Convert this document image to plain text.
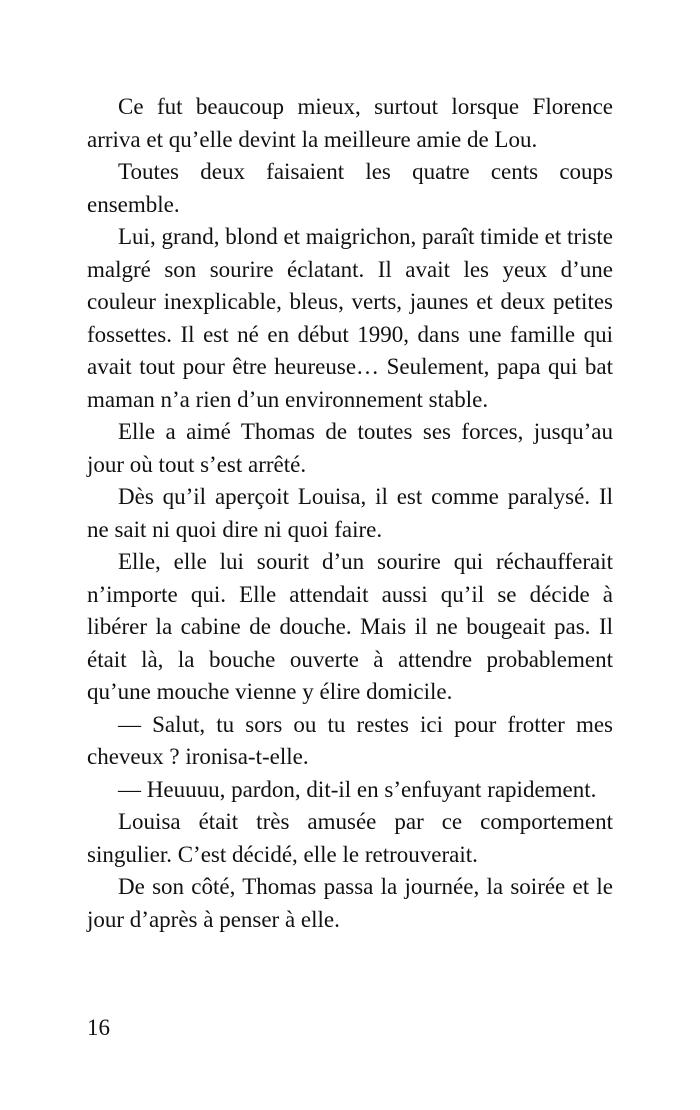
Ce fut beaucoup mieux, surtout lorsque Florence arriva et qu’elle devint la meilleure amie de Lou.

Toutes deux faisaient les quatre cents coups ensemble.

Lui, grand, blond et maigrichon, paraît timide et triste malgré son sourire éclatant. Il avait les yeux d’une couleur inexplicable, bleus, verts, jaunes et deux petites fossettes. Il est né en début 1990, dans une famille qui avait tout pour être heureuse… Seulement, papa qui bat maman n’a rien d’un environnement stable.

Elle a aimé Thomas de toutes ses forces, jusqu’au jour où tout s’est arrêté.

Dès qu’il aperçoit Louisa, il est comme paralysé. Il ne sait ni quoi dire ni quoi faire.

Elle, elle lui sourit d’un sourire qui réchaufferait n’importe qui. Elle attendait aussi qu’il se décide à libérer la cabine de douche. Mais il ne bougeait pas. Il était là, la bouche ouverte à attendre probablement qu’une mouche vienne y élire domicile.

— Salut, tu sors ou tu restes ici pour frotter mes cheveux ? ironisa-t-elle.

— Heuuuu, pardon, dit-il en s’enfuyant rapidement.

Louisa était très amusée par ce comportement singulier. C’est décidé, elle le retrouverait.

De son côté, Thomas passa la journée, la soirée et le jour d’après à penser à elle.

16
